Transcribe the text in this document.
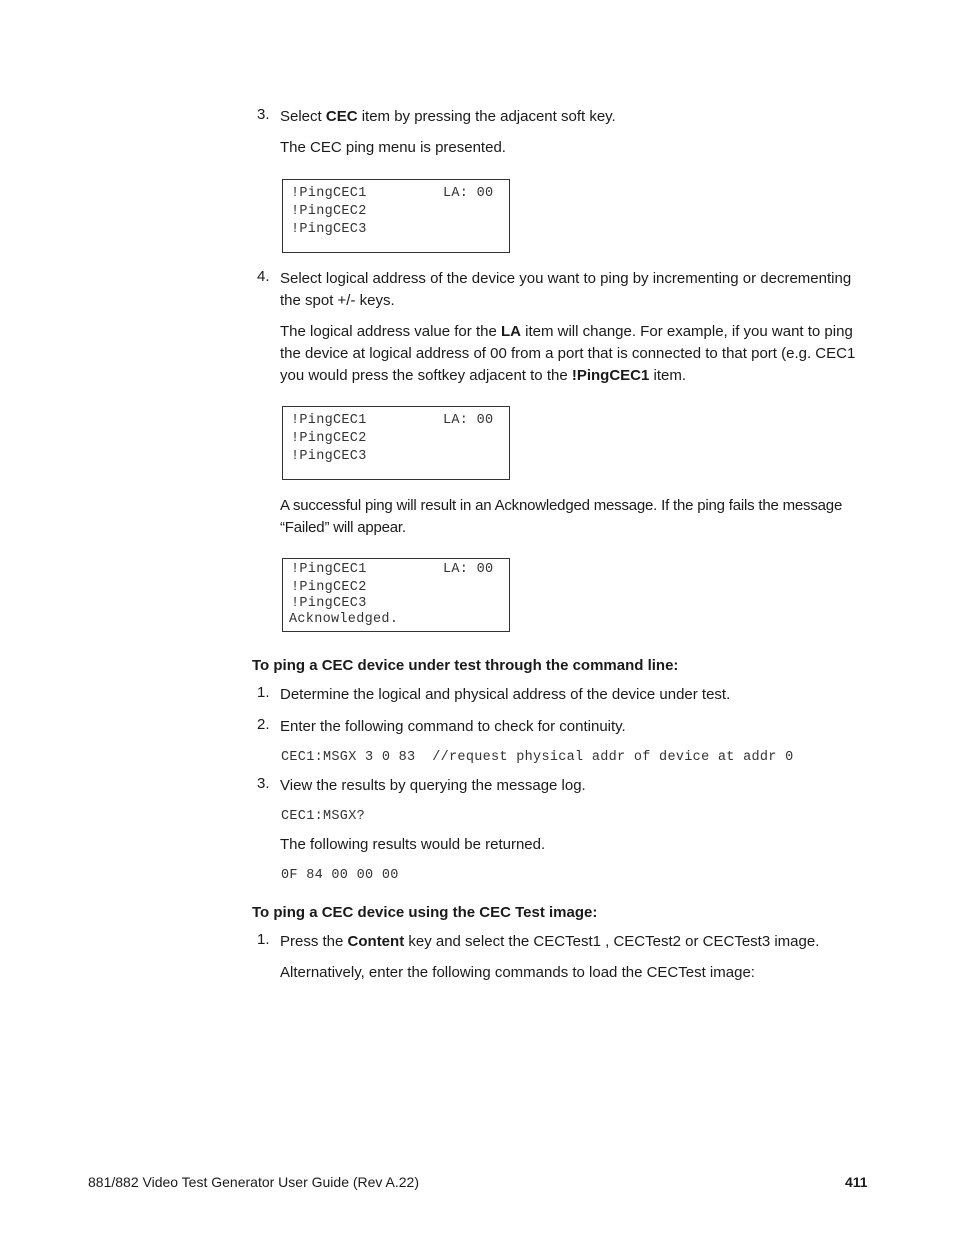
3. Select CEC item by pressing the adjacent soft key.
The CEC ping menu is presented.
!PingCEC1	LA: 00
!PingCEC2
!PingCEC3
4. Select logical address of the device you want to ping by incrementing or decrementing the spot +/- keys.
The logical address value for the LA item will change. For example, if you want to ping the device at logical address of 00 from a port that is connected to that port (e.g. CEC1 you would press the softkey adjacent to the !PingCEC1 item.
!PingCEC1	LA: 00
!PingCEC2
!PingCEC3
A successful ping will result in an Acknowledged message. If the ping fails the message “Failed” will appear.
!PingCEC1	LA: 00
!PingCEC2
!PingCEC3
Acknowledged.
To ping a CEC device under test through the command line:
1. Determine the logical and physical address of the device under test.
2. Enter the following command to check for continuity.
CEC1:MSGX 3 0 83  //request physical addr of device at addr 0
3. View the results by querying the message log.
CEC1:MSGX?
The following results would be returned.
0F 84 00 00 00
To ping a CEC device using the CEC Test image:
1. Press the Content key and select the CECTest1 , CECTest2 or CECTest3 image.
Alternatively, enter the following commands to load the CECTest image:
881/882 Video Test Generator User Guide (Rev A.22)	411
